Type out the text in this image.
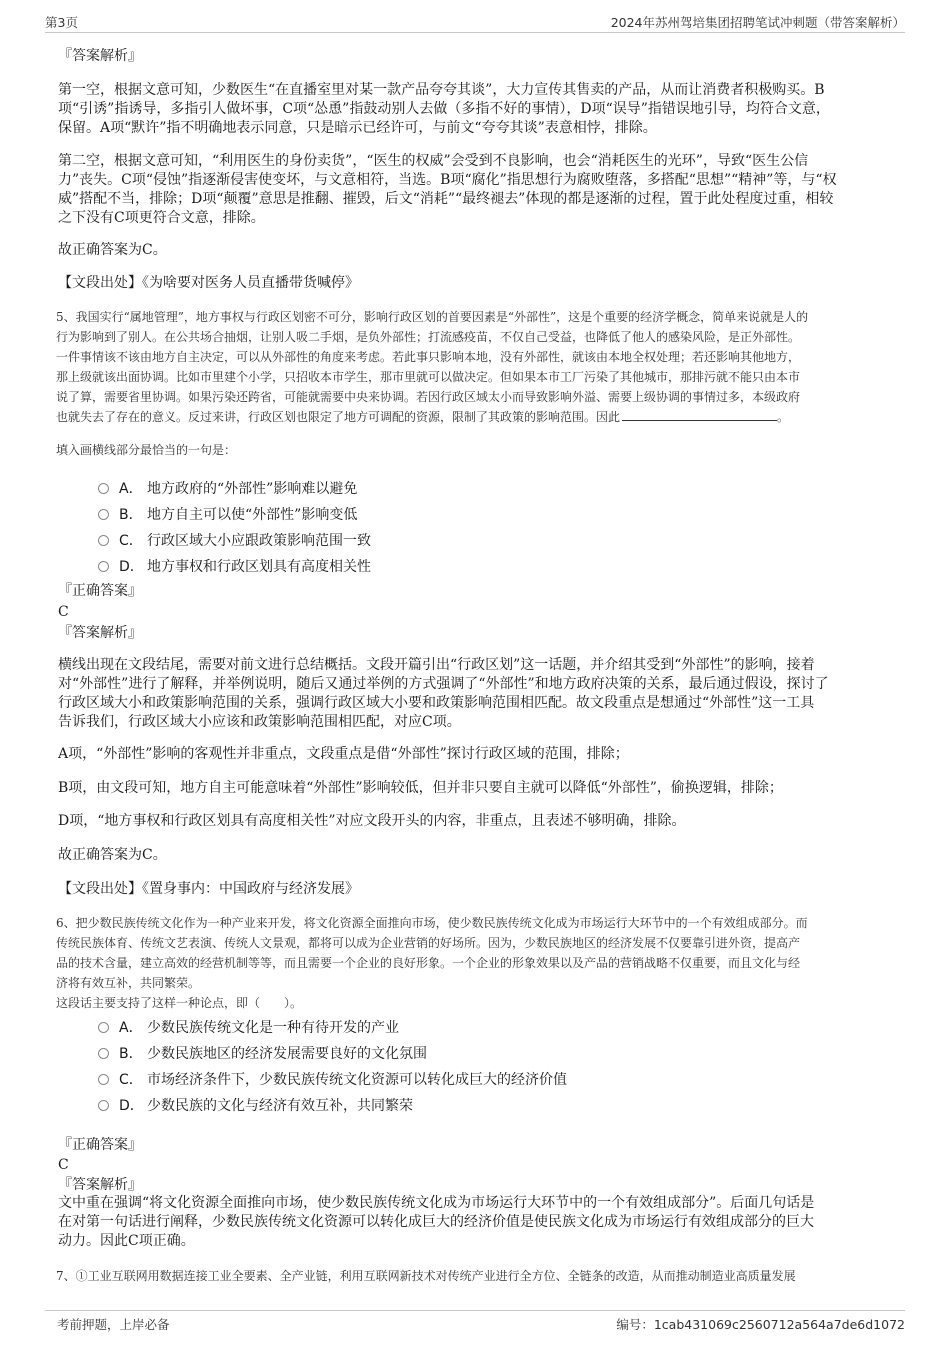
第3页	2024年苏州驾培集团招聘笔试冲刺题（带答案解析）

『答案解析』

第一空，根据文意可知，少数医生“在直播室里对某一款产品夸夸其谈”，大力宣传其售卖的产品，从而让消费者积极购买。B

项“引诱”指诱导，多指引人做坏事，C项“怂恿”指鼓动别人去做（多指不好的事情），D项“误导”指错误地引导，均符合文意，

保留。A项“默许”指不明确地表示同意，只是暗示已经许可，与前文“夸夸其谈”表意相悖，排除。

第二空，根据文意可知，“利用医生的身份卖货”，“医生的权威”会受到不良影响，也会“消耗医生的光环”，导致“医生公信

力”丧失。C项“侵蚀”指逐渐侵害使变坏，与文意相符，当选。B项“腐化”指思想行为腐败堕落，多搭配“思想”“精神”等，与“权

威”搭配不当，排除；D项“颠覆”意思是推翻、摧毁，后文“消耗”“最终褪去”体现的都是逐渐的过程，置于此处程度过重，相较

之下没有C项更符合文意，排除。

故正确答案为C。

【文段出处】《为啥要对医务人员直播带货喊停》

5、我国实行“属地管理”，地方事权与行政区划密不可分，影响行政区划的首要因素是“外部性”，这是个重要的经济学概念，简单来说就是人的

行为影响到了别人。在公共场合抽烟，让别人吸二手烟，是负外部性；打流感疫苗，不仅自己受益，也降低了他人的感染风险，是正外部性。

一件事情该不该由地方自主决定，可以从外部性的角度来考虑。若此事只影响本地，没有外部性，就该由本地全权处理；若还影响其他地方，

那上级就该出面协调。比如市里建个小学，只招收本市学生，那市里就可以做决定。但如果本市工厂污染了其他城市，那排污就不能只由本市

说了算，需要省里协调。如果污染还跨省，可能就需要中央来协调。若因行政区域太小而导致影响外溢、需要上级协调的事情过多，本级政府

也就失去了存在的意义。反过来讲，行政区划也限定了地方可调配的资源，限制了其政策的影响范围。因此	。

填入画横线部分最恰当的一句是：

A． 地方政府的“外部性”影响难以避免
B． 地方自主可以使“外部性”影响变低
C． 行政区域大小应跟政策影响范围一致
D． 地方事权和行政区划具有高度相关性

『正确答案』

C

『答案解析』

横线出现在文段结尾，需要对前文进行总结概括。文段开篇引出“行政区划”这一话题，并介绍其受到“外部性”的影响，接着

对“外部性”进行了解释，并举例说明，随后又通过举例的方式强调了“外部性”和地方政府决策的关系，最后通过假设，探讨了

行政区域大小和政策影响范围的关系，强调行政区域大小要和政策影响范围相匹配。故文段重点是想通过“外部性”这一工具

告诉我们，行政区域大小应该和政策影响范围相匹配，对应C项。

A项，“外部性”影响的客观性并非重点，文段重点是借“外部性”探讨行政区域的范围，排除；

B项，由文段可知，地方自主可能意味着“外部性”影响较低，但并非只要自主就可以降低“外部性”，偷换逻辑，排除；

D项，“地方事权和行政区划具有高度相关性”对应文段开头的内容，非重点，且表述不够明确，排除。

故正确答案为C。

【文段出处】《置身事内：中国政府与经济发展》

6、把少数民族传统文化作为一种产业来开发，将文化资源全面推向市场，使少数民族传统文化成为市场运行大环节中的一个有效组成部分。而

传统民族体育、传统文艺表演、传统人文景观，都将可以成为企业营销的好场所。因为，少数民族地区的经济发展不仅要靠引进外资，提高产

品的技术含量，建立高效的经营机制等等，而且需要一个企业的良好形象。一个企业的形象效果以及产品的营销战略不仅重要，而且文化与经

济将有效互补，共同繁荣。

这段话主要支持了这样一种论点，即（　　）。

A． 少数民族传统文化是一种有待开发的产业
B． 少数民族地区的经济发展需要良好的文化氛围
C． 市场经济条件下，少数民族传统文化资源可以转化成巨大的经济价值
D． 少数民族的文化与经济有效互补，共同繁荣

『正确答案』

C

『答案解析』

文中重在强调“将文化资源全面推向市场，使少数民族传统文化成为市场运行大环节中的一个有效组成部分”。后面几句话是

在对第一句话进行阐释，少数民族传统文化资源可以转化成巨大的经济价值是使民族文化成为市场运行有效组成部分的巨大

动力。因此C项正确。

7、①工业互联网用数据连接工业全要素、全产业链，利用互联网新技术对传统产业进行全方位、全链条的改造，从而推动制造业高质量发展

考前押题，上岸必备	编号：1cab431069c2560712a564a7de6d1072
